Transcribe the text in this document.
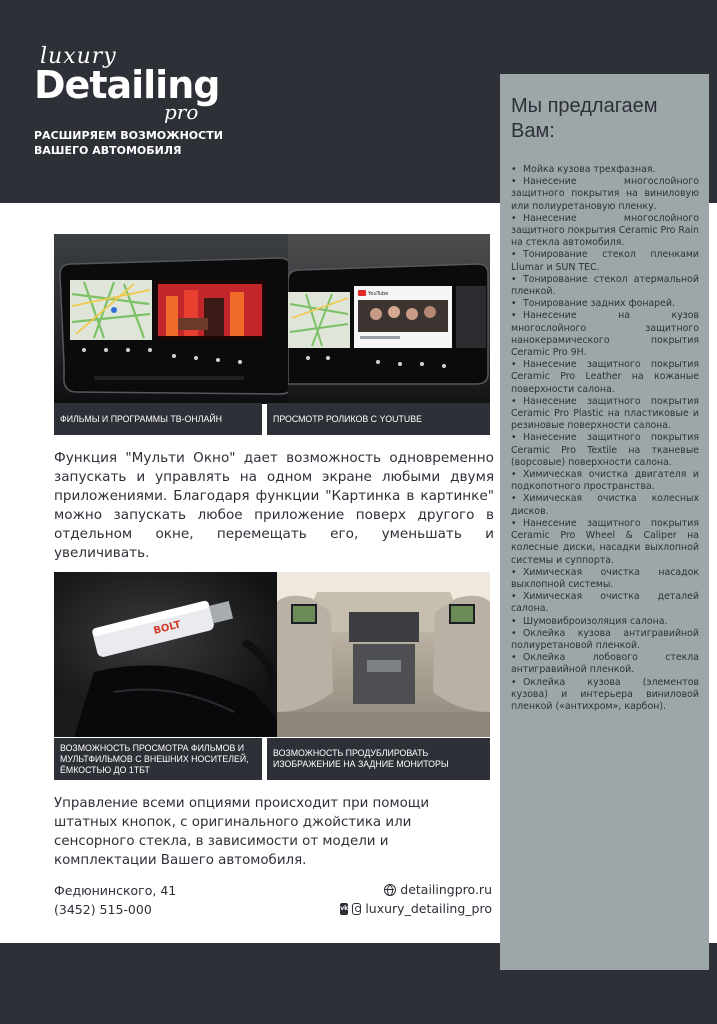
luxury
Detailing
pro
РАСШИРЯЕМ ВОЗМОЖНОСТИ
ВАШЕГО АВТОМОБИЛЯ
YouTube
ФИЛЬМЫ И ПРОГРАММЫ ТВ-ОНЛАЙН	ПРОСМОТР РОЛИКОВ С YOUTUBE

Функция "Мульти Окно" дает возможность одновременно запускать и управлять на одном экране любыми двумя приложениями. Благодаря функции "Картинка в картинке" можно запускать любое приложение поверх другого в отдельном окне, перемещать его, уменьшать и увеличивать.

BOLT
ВОЗМОЖНОСТЬ ПРОСМОТРА ФИЛЬМОВ И МУЛЬТФИЛЬМОВ С ВНЕШНИХ НОСИТЕЛЕЙ, ЁМКОСТЬЮ ДО 1ТБТ
ВОЗМОЖНОСТЬ ПРОДУБЛИРОВАТЬ ИЗОБРАЖЕНИЕ НА ЗАДНИЕ МОНИТОРЫ

Управление всеми опциями происходит при помощи штатных кнопок, с оригинального джойстика или сенсорного стекла, в зависимости от модели и комплектации Вашего автомобиля.

Федюнинского, 41
(3452) 515-000
detailingpro.ru
vk luxury_detailing_pro
Мы предлагаем Вам:
• Мойка кузова трехфазная.
• Нанесение многослойного защитного покрытия на виниловую или полиуретановую пленку.
• Нанесение многослойного защитного покрытия Ceramic Pro Rain на стекла автомобиля.
• Тонирование стекол пленками Llumar и SUN TEC.
• Тонирование стекол атермальной пленкой.
• Тонирование задних фонарей.
• Нанесение на кузов многослойного защитного нанокерамического покрытия Ceramic Pro 9H.
• Нанесение защитного покрытия Ceramic Pro Leather на кожаные поверхности салона.
• Нанесение защитного покрытия Ceramic Pro Plastic на пластиковые и резиновые поверхности салона.
• Нанесение защитного покрытия Ceramic Pro Textile на тканевые (ворсовые) поверхности салона.
• Химическая очистка двигателя и подкопотного пространства.
• Химическая очистка колесных дисков.
• Нанесение защитного покрытия Ceramic Pro Wheel & Caliper на колесные диски, насадки выхлопной системы и суппорта.
• Химическая очистка насадок выхлопной системы.
• Химическая очистка деталей салона.
• Шумовиброизоляция салона.
• Оклейка кузова антигравийной полиуретановой пленкой.
• Оклейка лобового стекла антигравийной пленкой.
• Оклейка кузова (элементов кузова) и интерьера виниловой пленкой («антихром», карбон).
